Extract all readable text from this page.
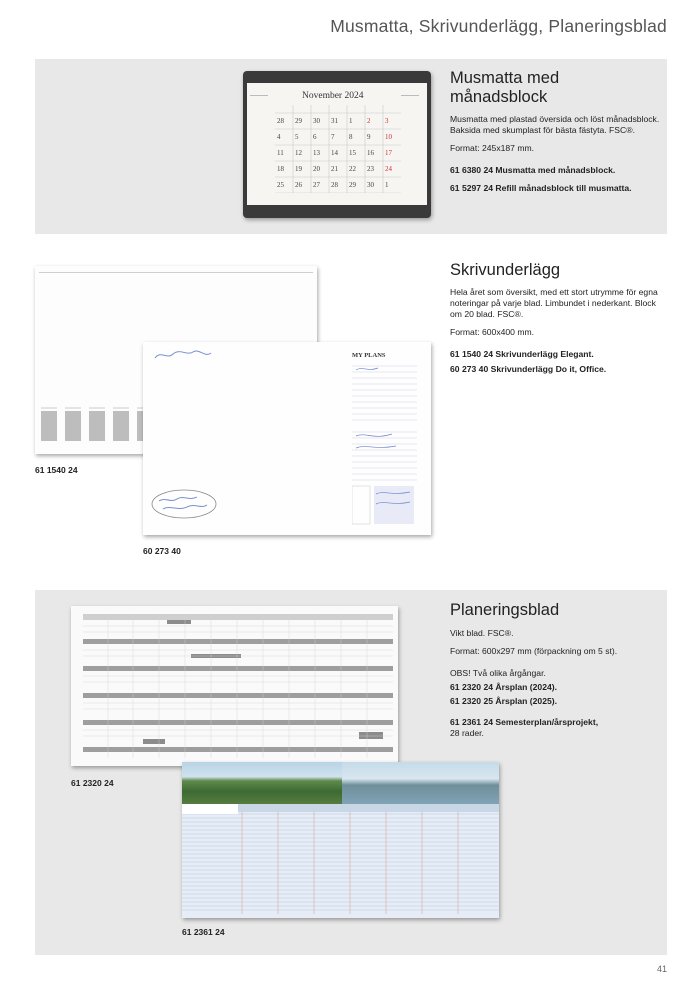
Musmatta, Skrivunderlägg, Planeringsblad
November 2024
28 29 30 31 1 2 3
4 5 6 7 8 9 10
11 12 13 14 15 16 17
18 19 20 21 22 23 24
25 26 27 28 29 30 1
Musmatta med månadsblock
Musmatta med plastad översida och löst månadsblock. Baksida med skumplast för bästa fästyta. FSC®.
Format: 245x187 mm.
61 6380 24 Musmatta med månadsblock.
61 5297 24 Refill månadsblock till musmatta.
61 1540 24
MY PLANS
60 273 40
Skrivunderlägg
Hela året som översikt, med ett stort utrymme för egna noteringar på varje blad. Limbundet i nederkant. Block om 20 blad. FSC®.
Format: 600x400 mm.
61 1540 24 Skrivunderlägg Elegant.
60 273 40 Skrivunderlägg Do it, Office.
61 2320 24
61 2361 24
Planeringsblad
Vikt blad. FSC®.
Format: 600x297 mm (förpackning om 5 st).
OBS! Två olika årgångar.
61 2320 24 Årsplan (2024).
61 2320 25 Årsplan (2025).
61 2361 24 Semesterplan/årsprojekt,
28 rader.
41
